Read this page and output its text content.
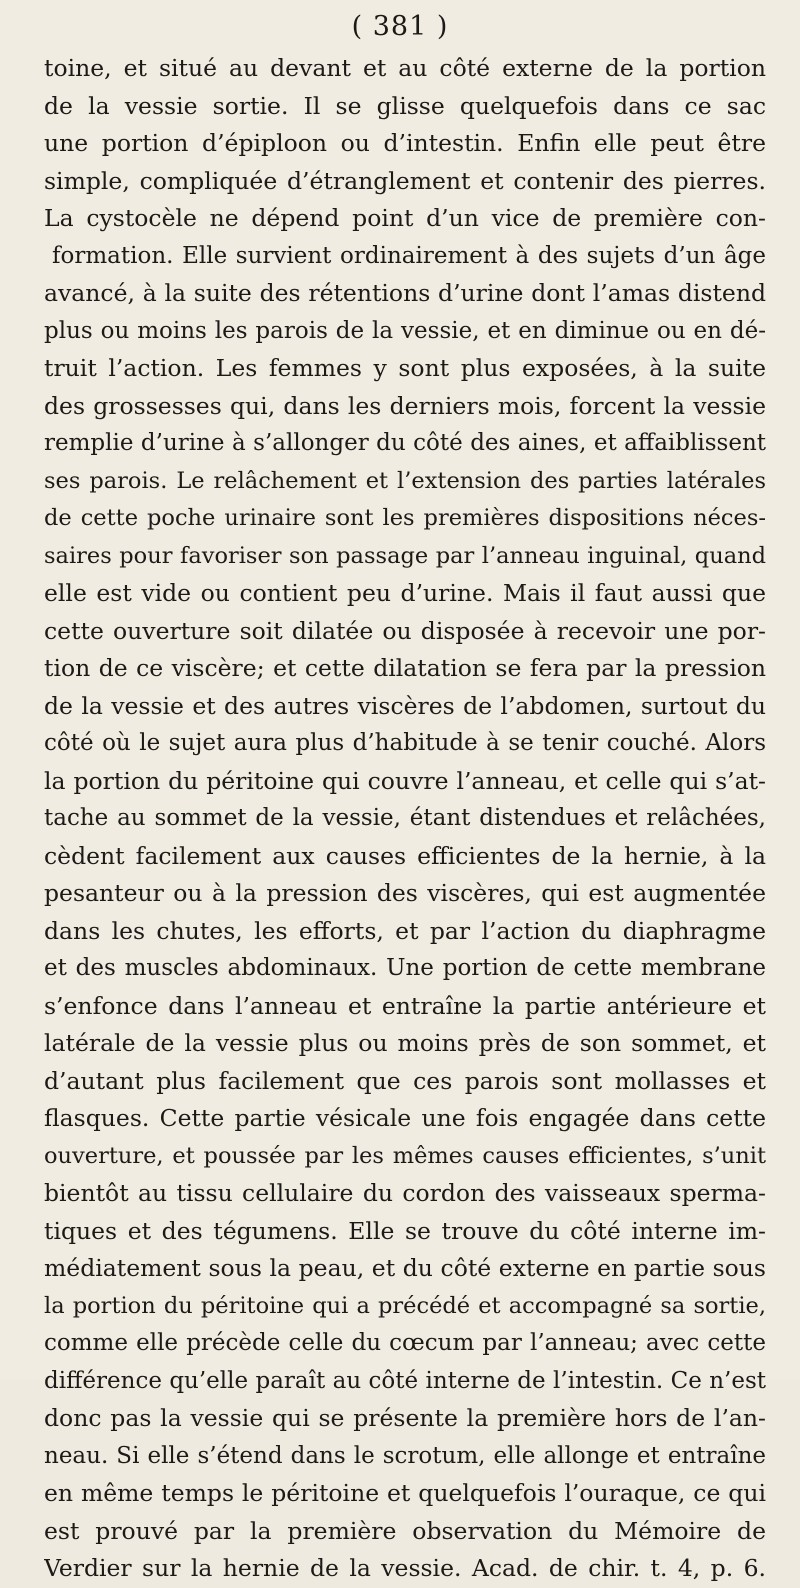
( 381 )
toine, et situé au devant et au côté externe de la portion
de la vessie sortie. Il se glisse quelquefois dans ce sac
une portion d’épiploon ou d’intestin. Enfin elle peut être
simple, compliquée d’étranglement et contenir des pierres.
La cystocèle ne dépend point d’un vice de première con-
formation. Elle survient ordinairement à des sujets d’un âge
avancé, à la suite des rétentions d’urine dont l’amas distend
plus ou moins les parois de la vessie, et en diminue ou en dé-
truit l’action. Les femmes y sont plus exposées, à la suite
des grossesses qui, dans les derniers mois, forcent la vessie
remplie d’urine à s’allonger du côté des aines, et affaiblissent
ses parois. Le relâchement et l’extension des parties latérales
de cette poche urinaire sont les premières dispositions néces-
saires pour favoriser son passage par l’anneau inguinal, quand
elle est vide ou contient peu d’urine. Mais il faut aussi que
cette ouverture soit dilatée ou disposée à recevoir une por-
tion de ce viscère; et cette dilatation se fera par la pression
de la vessie et des autres viscères de l’abdomen, surtout du
côté où le sujet aura plus d’habitude à se tenir couché. Alors
la portion du péritoine qui couvre l’anneau, et celle qui s’at-
tache au sommet de la vessie, étant distendues et relâchées,
cèdent facilement aux causes efficientes de la hernie, à la
pesanteur ou à la pression des viscères, qui est augmentée
dans les chutes, les efforts, et par l’action du diaphragme
et des muscles abdominaux. Une portion de cette membrane
s’enfonce dans l’anneau et entraîne la partie antérieure et
latérale de la vessie plus ou moins près de son sommet, et
d’autant plus facilement que ces parois sont mollasses et
flasques. Cette partie vésicale une fois engagée dans cette
ouverture, et poussée par les mêmes causes efficientes, s’unit
bientôt au tissu cellulaire du cordon des vaisseaux sperma-
tiques et des tégumens. Elle se trouve du côté interne im-
médiatement sous la peau, et du côté externe en partie sous
la portion du péritoine qui a précédé et accompagné sa sortie,
comme elle précède celle du cœcum par l’anneau; avec cette
différence qu’elle paraît au côté interne de l’intestin. Ce n’est
donc pas la vessie qui se présente la première hors de l’an-
neau. Si elle s’étend dans le scrotum, elle allonge et entraîne
en même temps le péritoine et quelquefois l’ouraque, ce qui
est prouvé par la première observation du Mémoire de
Verdier sur la hernie de la vessie. Acad. de chir. t. 4, p. 6.
